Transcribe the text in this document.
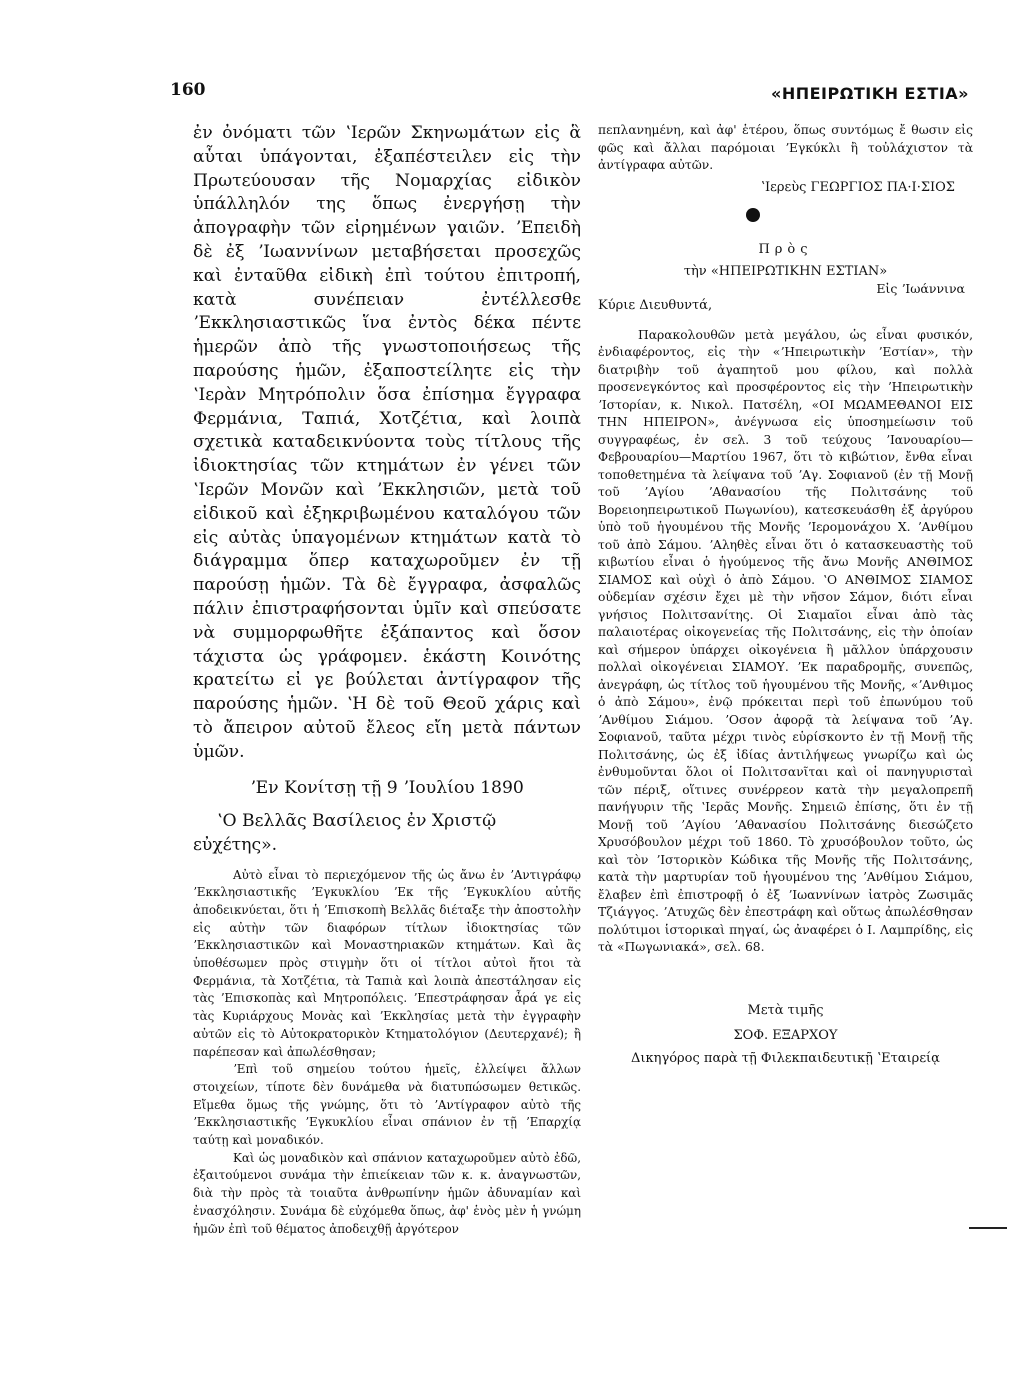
160	«ΗΠΕΙΡΩΤΙΚΗ ΕΣΤΙΑ»

ἐν ὀνόματι τῶν ʽΙερῶν Σκηνωμάτων εἰς ἃ αὗται ὑπάγονται, ἐξαπέστειλεν εἰς τὴν Πρωτεύουσαν τῆς Νομαρχίας εἰδικὸν ὑπάλληλόν της ὅπως ἐνεργήσῃ τὴν ἀπογραφὴν τῶν εἰρημένων γαιῶν. ʼΕπειδὴ δὲ ἐξ ʼΙωαννίνων μεταβήσεται προσεχῶς καὶ ἐνταῦθα εἰδικὴ ἐπὶ τούτου ἐπιτροπή, κατὰ συνέπειαν ἐντέλλεσθε ʼΕκκλησιαστικῶς ἵνα ἐντὸς δέκα πέντε ἡμερῶν ἀπὸ τῆς γνωστοποιήσεως τῆς παρούσης ἡμῶν, ἐξαποστείλητε εἰς τὴν ʽΙερὰν Μητρόπολιν ὅσα ἐπίσημα ἔγγραφα Φερμάνια, Ταπιά, Χοτζέτια, καὶ λοιπὰ σχετικὰ καταδεικνύοντα τοὺς τίτλους τῆς ἰδιοκτησίας τῶν κτημάτων ἐν γένει τῶν ʽΙερῶν Μονῶν καὶ ʼΕκκλησιῶν, μετὰ τοῦ εἰδικοῦ καὶ ἐξηκριβωμένου καταλόγου τῶν εἰς αὐτὰς ὑπαγομένων κτημάτων κατὰ τὸ διάγραμμα ὅπερ καταχωροῦμεν ἐν τῇ παρούσῃ ἡμῶν. Τὰ δὲ ἔγγραφα, ἀσφαλῶς πάλιν ἐπιστραφήσονται ὑμῖν καὶ σπεύσατε νὰ συμμορφωθῆτε ἐξάπαντος καὶ ὅσον τάχιστα ὡς γράφομεν. ἑκάστη Κοινότης κρατείτω εἰ γε βούλεται ἀντίγραφον τῆς παρούσης ἡμῶν. ʽΗ δὲ τοῦ Θεοῦ χάρις καὶ τὸ ἄπειρον αὐτοῦ ἔλεος εἴη μετὰ πάντων ὑμῶν.

ʼΕν Κονίτσῃ τῇ 9 ʼΙουλίου 1890

ʽΟ Βελλᾶς Βασίλειος ἐν Χριστῷ εὐχέτης».

Αὐτὸ εἶναι τὸ περιεχόμενον τῆς ὡς ἄνω ἐν ʼΑντιγράφῳ ʼΕκκλησιαστικῆς ʼΕγκυκλίου ʼΕκ τῆς ʼΕγκυκλίου αὐτῆς ἀποδεικνύεται, ὅτι ἡ ʼΕπισκοπὴ Βελλᾶς διέταξε τὴν ἀποστολὴν εἰς αὐτὴν τῶν διαφόρων τίτλων ἰδιοκτησίας τῶν ʼΕκκλησιαστικῶν καὶ Μοναστηριακῶν κτημάτων. Καὶ ἂς ὑποθέσωμεν πρὸς στιγμὴν ὅτι οἱ τίτλοι αὐτοὶ ἤτοι τὰ Φερμάνια, τὰ Χοτζέτια, τὰ Ταπιὰ καὶ λοιπὰ ἀπεστάλησαν εἰς τὰς ʼΕπισκοπὰς καὶ Μητροπόλεις. ʼΕπεστράφησαν ἆρά γε εἰς τὰς Κυριάρχους Μονὰς καὶ ʼΕκκλησίας μετὰ τὴν ἐγγραφὴν αὐτῶν εἰς τὸ Αὐτοκρατορικὸν Κτηματολόγιον (Δευτερχανέ); ἢ παρέπεσαν καὶ ἀπωλέσθησαν;

ʼΕπὶ τοῦ σημείου τούτου ἡμεῖς, ἐλλείψει ἄλλων στοιχείων, τίποτε δὲν δυνάμεθα νὰ διατυπώσωμεν θετικῶς. Εἴμεθα ὅμως τῆς γνώμης, ὅτι τὸ ʼΑντίγραφον αὐτὸ τῆς ʼΕκκλησιαστικῆς ʼΕγκυκλίου εἶναι σπάνιον ἐν τῇ ʼΕπαρχίᾳ ταύτῃ καὶ μοναδικόν.

Καὶ ὡς μοναδικὸν καὶ σπάνιον καταχωροῦμεν αὐτὸ ἐδῶ, ἐξαιτούμενοι συνάμα τὴν ἐπιείκειαν τῶν κ. κ. ἀναγνωστῶν, διὰ τὴν πρὸς τὰ τοιαῦτα ἀνθρωπίνην ἡμῶν ἀδυναμίαν καὶ ἐνασχόλησιν. Συνάμα δὲ εὐχόμεθα ὅπως, ἀφ' ἑνὸς μὲν ἡ γνώμη ἡμῶν ἐπὶ τοῦ θέματος ἀποδειχθῇ ἀργότερον

πεπλανημένη, καὶ ἀφ' ἑτέρου, ὅπως συντόμως ἔ θωσιν εἰς φῶς καὶ ἄλλαι παρόμοιαι ʼΕγκύκλι ἢ τοὐλάχιστον τὰ ἀντίγραφα αὐτῶν.

ʽΙερεὺς ΓΕΩΡΓΙΟΣ ΠΑ·Ι·ΣΙΟΣ

Πρὸς

τὴν «ΗΠΕΙΡΩΤΙΚΗΝ ΕΣΤΙΑΝ»

Εἰς ʼΙωάννινα

Κύριε Διευθυντά,

Παρακολουθῶν μετὰ μεγάλου, ὡς εἶναι φυσικόν, ἐνδιαφέροντος, εἰς τὴν «ʼΗπειρωτικὴν ʼΕστίαν», τὴν διατριβὴν τοῦ ἀγαπητοῦ μου φίλου, καὶ πολλὰ προσενεγκόντος καὶ προσφέροντος εἰς τὴν ʼΗπειρωτικὴν ʼΙστορίαν, κ. Νικολ. Πατσέλη, «ΟΙ ΜΩΑΜΕΘΑΝΟΙ ΕΙΣ ΤΗΝ ΗΠΕΙΡΟΝ», ἀνέγνωσα εἰς ὑποσημείωσιν τοῦ συγγραφέως, ἐν σελ. 3 τοῦ τεύχους ʼΙανουαρίου—Φεβρουαρίου—Μαρτίου 1967, ὅτι τὸ κιβώτιον, ἔνθα εἶναι τοποθετημένα τὰ λείψανα τοῦ ʼΑγ. Σοφιανοῦ (ἐν τῇ Μονῇ τοῦ ʼΑγίου ʼΑθανασίου τῆς Πολιτσάνης τοῦ Βορειοηπειρωτικοῦ Πωγωνίου), κατεσκευάσθη ἐξ ἀργύρου ὑπὸ τοῦ ἡγουμένου τῆς Μονῆς ʼΙερομονάχου Χ. ʼΑνθίμου τοῦ ἀπὸ Σάμου. ʼΑληθὲς εἶναι ὅτι ὁ κατασκευαστὴς τοῦ κιβωτίου εἶναι ὁ ἡγούμενος τῆς ἄνω Μονῆς ΑΝΘΙΜΟΣ ΣΙΑΜΟΣ καὶ οὐχὶ ὁ ἀπὸ Σάμου. ʽΟ ΑΝΘΙΜΟΣ ΣΙΑΜΟΣ οὐδεμίαν σχέσιν ἔχει μὲ τὴν νῆσον Σάμον, διότι εἶναι γνήσιος Πολιτσανίτης. Οἱ Σιαμαῖοι εἶναι ἀπὸ τὰς παλαιοτέρας οἰκογενείας τῆς Πολιτσάνης, εἰς τὴν ὁποίαν καὶ σήμερον ὑπάρχει οἰκογένεια ἢ μᾶλλον ὑπάρχουσιν πολλαὶ οἰκογένειαι ΣΙΑΜΟΥ. ʼΕκ παραδρομῆς, συνεπῶς, ἀνεγράφη, ὡς τίτλος τοῦ ἡγουμένου τῆς Μονῆς, «ʼΑνθιμος ὁ ἀπὸ Σάμου», ἐνῷ πρόκειται περὶ τοῦ ἐπωνύμου τοῦ ʼΑνθίμου Σιάμου. ʼΟσον ἀφορᾷ τὰ λείψανα τοῦ ʼΑγ. Σοφιανοῦ, ταῦτα μέχρι τινὸς εὑρίσκοντο ἐν τῇ Μονῇ τῆς Πολιτσάνης, ὡς ἐξ ἰδίας ἀντιλήψεως γνωρίζω καὶ ὡς ἐνθυμοῦνται ὅλοι οἱ Πολιτσανῖται καὶ οἱ πανηγυρισταὶ τῶν πέριξ, οἵτινες συνέρρεον κατὰ τὴν μεγαλοπρεπῆ πανήγυριν τῆς ʽΙερᾶς Μονῆς. Σημειῶ ἐπίσης, ὅτι ἐν τῇ Μονῇ τοῦ ʼΑγίου ʼΑθανασίου Πολιτσάνης διεσώζετο Χρυσόβουλον μέχρι τοῦ 1860. Τὸ χρυσόβουλον τοῦτο, ὡς καὶ τὸν ʼΙστορικὸν Κώδικα τῆς Μονῆς τῆς Πολιτσάνης, κατὰ τὴν μαρτυρίαν τοῦ ἡγουμένου της ʼΑνθίμου Σιάμου, ἔλαβεν ἐπὶ ἐπιστροφῇ ὁ ἐξ ʼΙωαννίνων ἰατρὸς Ζωσιμᾶς Τζιάγγος. ʼΑτυχῶς δὲν ἐπεστράφη καὶ οὕτως ἀπωλέσθησαν πολύτιμοι ἱστορικαὶ πηγαί, ὡς ἀναφέρει ὁ Ι. Λαμπρίδης, εἰς τὰ «Πωγωνιακά», σελ. 68.

Μετὰ τιμῆς

ΣΟΦ. ΕΞΑΡΧΟΥ

Δικηγόρος παρὰ τῇ Φιλεκπαιδευτικῇ ʽΕταιρείᾳ
